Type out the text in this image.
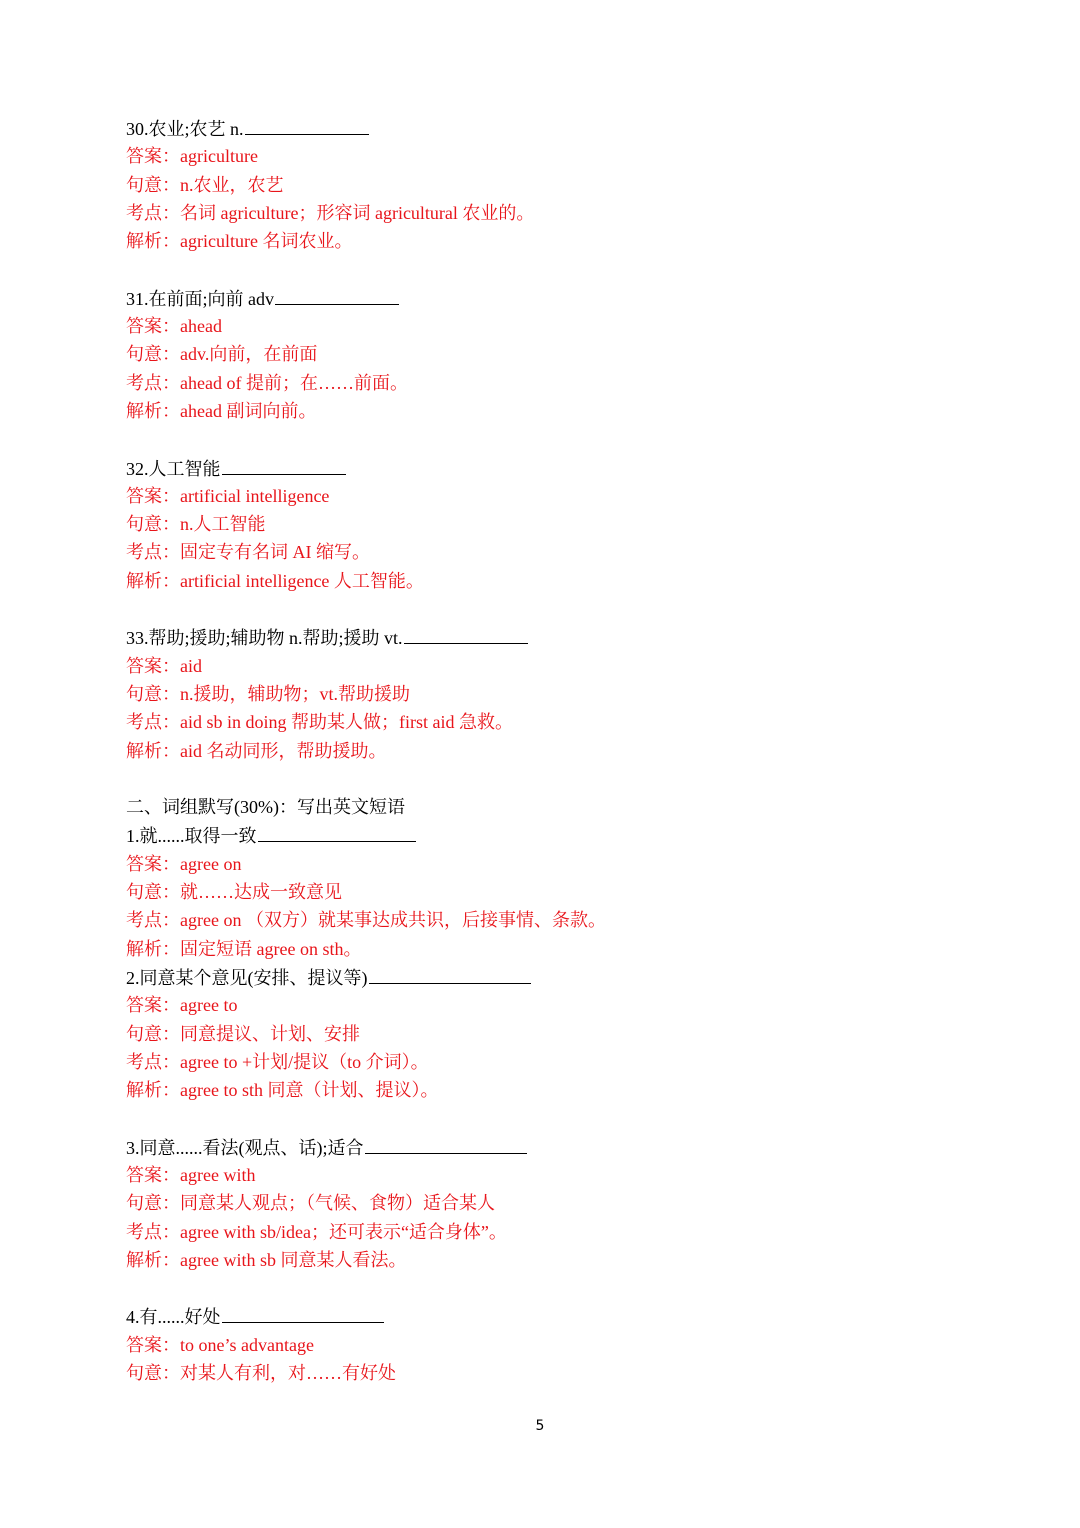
30.农业;农艺 n.
答案：agriculture
句意：n.农业，农艺
考点：名词 agriculture；形容词 agricultural 农业的。
解析：agriculture 名词农业。
31.在前面;向前 adv
答案：ahead
句意：adv.向前，在前面
考点：ahead of 提前；在……前面。
解析：ahead 副词向前。
32.人工智能
答案：artificial intelligence
句意：n.人工智能
考点：固定专有名词 AI 缩写。
解析：artificial intelligence 人工智能。
33.帮助;援助;辅助物 n.帮助;援助 vt.
答案：aid
句意：n.援助，辅助物；vt.帮助援助
考点：aid sb in doing 帮助某人做；first aid 急救。
解析：aid 名动同形，帮助援助。
二、词组默写(30%)：写出英文短语
1.就......取得一致
答案：agree on
句意：就……达成一致意见
考点：agree on （双方）就某事达成共识，后接事情、条款。
解析：固定短语 agree on sth。
2.同意某个意见(安排、提议等)
答案：agree to
句意：同意提议、计划、安排
考点：agree to +计划/提议（to 介词）。
解析：agree to sth 同意（计划、提议）。
3.同意......看法(观点、话);适合
答案：agree with
句意：同意某人观点；（气候、食物）适合某人
考点：agree with sb/idea；还可表示“适合身体”。
解析：agree with sb 同意某人看法。
4.有......好处
答案：to one’s advantage
句意：对某人有利，对……有好处
5
